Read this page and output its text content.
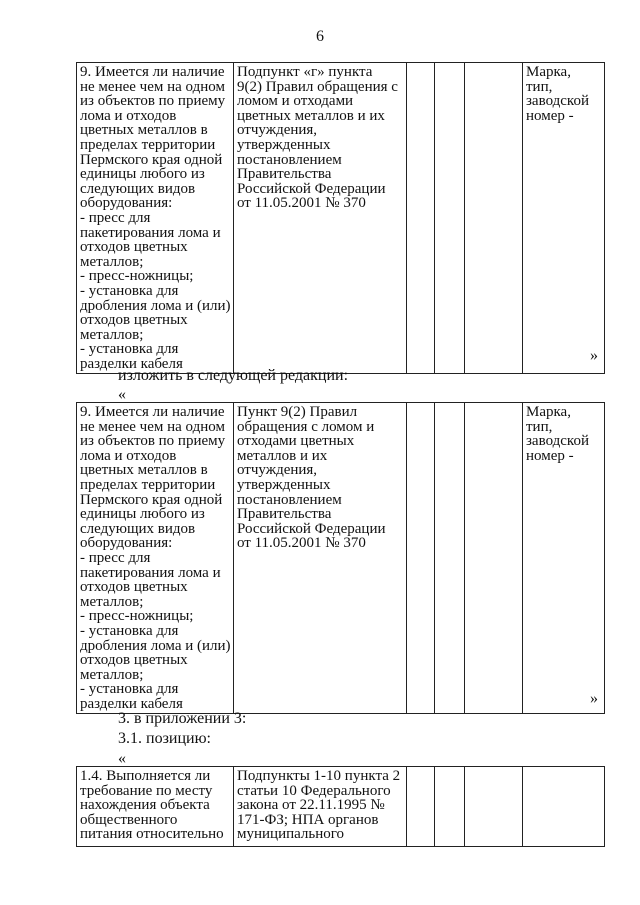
6
9. Имеется ли наличие
не менее чем на одном
из объектов по приему
лома и отходов
цветных металлов в
пределах территории
Пермского края одной
единицы любого из
следующих видов
оборудования:
- пресс для
пакетирования лома и
отходов цветных
металлов;
- пресс-ножницы;
- установка для
дробления лома и (или)
отходов цветных
металлов;
- установка для
разделки кабеля	Подпункт «г» пункта
9(2) Правил обращения с
ломом и отходами
цветных металлов и их
отчуждения,
утвержденных
постановлением
Правительства
Российской Федерации
от 11.05.2001 № 370				Марка,
тип,
заводской
номер -
»
изложить в следующей редакции:
«
9. Имеется ли наличие
не менее чем на одном
из объектов по приему
лома и отходов
цветных металлов в
пределах территории
Пермского края одной
единицы любого из
следующих видов
оборудования:
- пресс для
пакетирования лома и
отходов цветных
металлов;
- пресс-ножницы;
- установка для
дробления лома и (или)
отходов цветных
металлов;
- установка для
разделки кабеля	Пункт 9(2) Правил
обращения с ломом и
отходами цветных
металлов и их
отчуждения,
утвержденных
постановлением
Правительства
Российской Федерации
от 11.05.2001 № 370				Марка,
тип,
заводской
номер -
»
3. в приложении 3:
3.1. позицию:
«
1.4. Выполняется ли
требование по месту
нахождения объекта
общественного
питания относительно	Подпункты 1-10 пункта 2
статьи 10 Федерального
закона от 22.11.1995 №
171-ФЗ; НПА органов
муниципального				
